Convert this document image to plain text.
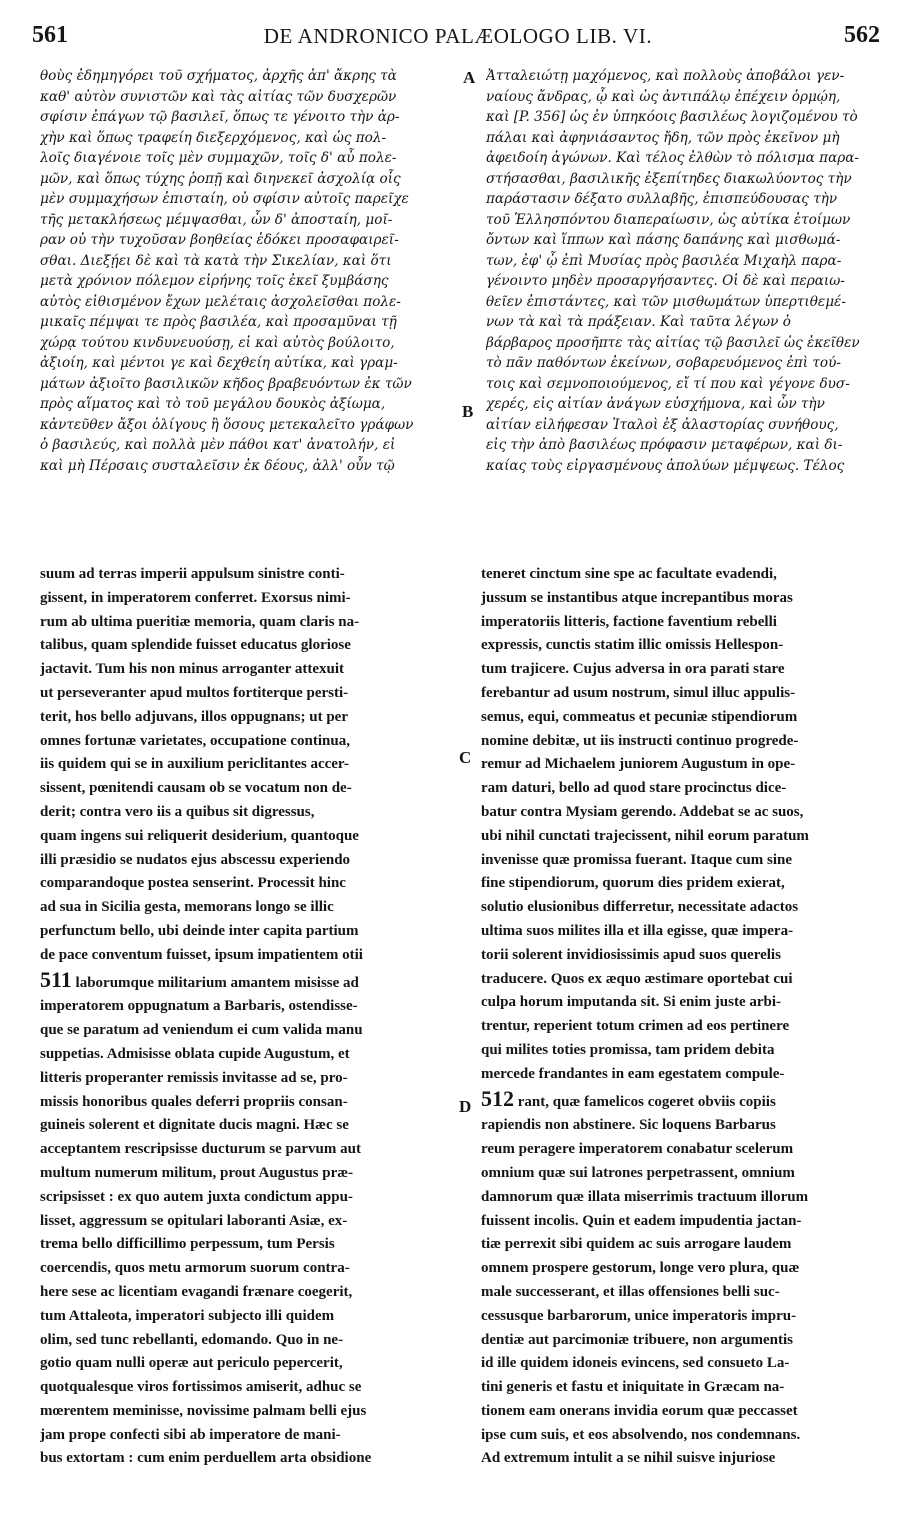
561	DE ANDRONICO PALÆOLOGO LIB. VI.	562
θοὺς ἐδημηγόρει τοῦ σχήματος, ἀρχῆς ἀπ' ἄκρης τὰ
καθ' αὐτὸν συνιστῶν καὶ τὰς αἰτίας τῶν δυσχερῶν
σφίσιν ἐπάγων τῷ βασιλεῖ, ὅπως τε γένοιτο τὴν ἀρ-
χὴν καὶ ὅπως τραφείη διεξερχόμενος, καὶ ὡς πολ-
λοῖς διαγένοιε τοῖς μὲν συμμαχῶν, τοῖς δ' αὖ πολε-
μῶν, καὶ ὅπως τύχης ῥοπῇ καὶ διηνεκεῖ ἀσχολίᾳ οἷς
μὲν συμμαχήσων ἐπισταίη, οὐ σφίσιν αὐτοῖς παρεῖχε
τῆς μετακλήσεως μέμψασθαι, ὧν δ' ἀποσταίη, μοῖ-
ραν οὐ τὴν τυχοῦσαν βοηθείας ἐδόκει προσαφαιρεῖ-
σθαι. Διεξῄει δὲ καὶ τὰ κατὰ τὴν Σικελίαν, καὶ ὅτι
μετὰ χρόνιον πόλεμον εἰρήνης τοῖς ἐκεῖ ξυμβάσης
αὐτὸς εἰθισμένον ἔχων μελέταις ἀσχολεῖσθαι πολε-
μικαῖς πέμψαι τε πρὸς βασιλέα, καὶ προσαμῦναι τῇ
χώρᾳ τούτου κινδυνευούσῃ, εἰ καὶ αὐτὸς βούλοιτο,
ἀξιοίη, καὶ μέντοι γε καὶ δεχθείη αὐτίκα, καὶ γραμ-
μάτων ἀξιοῖτο βασιλικῶν κῆδος βραβευόντων ἐκ τῶν
πρὸς αἵματος καὶ τὸ τοῦ μεγάλου δουκὸς ἀξίωμα,
κἀντεῦθεν ἄξοι ὀλίγους ἢ ὅσους μετεκαλεῖτο γράφων
ὁ βασιλεύς, καὶ πολλὰ μὲν πάθοι κατ' ἀνατολήν, εἰ
καὶ μὴ Πέρσαις συσταλεῖσιν ἐκ δέους, ἀλλ' οὖν τῷ
Ἀτταλειώτῃ μαχόμενος, καὶ πολλοὺς ἀποβάλοι γεν-
ναίους ἄνδρας, ᾧ καὶ ὡς ἀντιπάλῳ ἐπέχειν ὁρμῴη,
καὶ [P. 356] ὡς ἐν ὑπηκόοις βασιλέως λογιζομένου τὸ
πάλαι καὶ ἀφηνιάσαντος ἤδη, τῶν πρὸς ἐκεῖνον μὴ
ἀφειδοίη ἀγώνων. Καὶ τέλος ἐλθὼν τὸ πόλισμα παρα-
στήσασθαι, βασιλικῆς ἐξεπίτηδες διακωλύοντος τὴν
παράστασιν δέξατο συλλαβῆς, ἐπισπεύδουσας τὴν
τοῦ Ἑλλησπόντου διαπεραίωσιν, ὡς αὐτίκα ἑτοίμων
ὄντων καὶ ἵππων καὶ πάσης δαπάνης καὶ μισθωμά-
των, ἐφ' ᾧ ἐπὶ Μυσίας πρὸς βασιλέα Μιχαὴλ παρα-
γένοιντο μηδὲν προσαργήσαντες. Οἱ δὲ καὶ περαιω-
θεῖεν ἐπιστάντες, καὶ τῶν μισθωμάτων ὑπερτιθεμέ-
νων τὰ καὶ τὰ πράξειαν. Καὶ ταῦτα λέγων ὁ
βάρβαρος προσῆπτε τὰς αἰτίας τῷ βασιλεῖ ὡς ἐκεῖθεν
τὸ πᾶν παθόντων ἐκείνων, σοβαρευόμενος ἐπὶ τού-
τοις καὶ σεμνοποιούμενος, εἴ τί που καὶ γέγονε δυσ-
χερές, εἰς αἰτίαν ἀνάγων εὐσχήμονα, καὶ ὧν τὴν
αἰτίαν εἰλήφεσαν Ἰταλοὶ ἐξ ἀλαστορίας συνήθους,
εἰς τὴν ἀπὸ βασιλέως πρόφασιν μεταφέρων, καὶ δι-
καίας τοὺς εἰργασμένους ἀπολύων μέμψεως. Τέλος
suum ad terras imperii appulsum sinistre conti-
gissent, in imperatorem conferret. Exorsus nimi-
rum ab ultima pueritiæ memoria, quam claris na-
talibus, quam splendide fuisset educatus gloriose
jactavit. Tum his non minus arroganter attexuit
ut perseveranter apud multos fortiterque persti-
terit, hos bello adjuvans, illos oppugnans; ut per
omnes fortunæ varietates, occupatione continua,
iis quidem qui se in auxilium periclitantes accer-
sissent, pœnitendi causam ob se vocatum non de-
derit; contra vero iis a quibus sit digressus,
quam ingens sui reliquerit desiderium, quantoque
illi præsidio se nudatos ejus abscessu experiendo
comparandoque postea senserint. Processit hinc
ad sua in Sicilia gesta, memorans longo se illic
perfunctum bello, ubi deinde inter capita partium
de pace conventum fuisset, ipsum impatientem otii
511 laborumque militarium amantem misisse ad
imperatorem oppugnatum a Barbaris, ostendisse-
que se paratum ad veniendum ei cum valida manu
suppetias. Admisisse oblata cupide Augustum, et
litteris properanter remissis invitasse ad se, pro-
missis honoribus quales deferri propriis consan-
guineis solerent et dignitate ducis magni. Hæc se
acceptantem rescripsisse ducturum se parvum aut
multum numerum militum, prout Augustus præ-
scripsisset : ex quo autem juxta condictum appu-
lisset, aggressum se opitulari laboranti Asiæ, ex-
trema bello difficillimo perpessum, tum Persis
coercendis, quos metu armorum suorum contra-
here sese ac licentiam evagandi frænare coegerit,
tum Attaleota, imperatori subjecto illi quidem
olim, sed tunc rebellanti, edomando. Quo in ne-
gotio quam nulli operæ aut periculo pepercerit,
quotqualesque viros fortissimos amiserit, adhuc se
mœrentem meminisse, novissime palmam belli ejus
jam prope confecti sibi ab imperatore de mani-
bus extortam : cum enim perduellem arta obsidione
teneret cinctum sine spe ac facultate evadendi,
jussum se instantibus atque increpantibus moras
imperatoriis litteris, factione faventium rebelli
expressis, cunctis statim illic omissis Hellespon-
tum trajicere. Cujus adversa in ora parati stare
ferebantur ad usum nostrum, simul illuc appulis-
semus, equi, commeatus et pecuniæ stipendiorum
nomine debitæ, ut iis instructi continuo progrede-
remur ad Michaelem juniorem Augustum in ope-
ram daturi, bello ad quod stare procinctus dice-
batur contra Mysiam gerendo. Addebat se ac suos,
ubi nihil cunctati trajecissent, nihil eorum paratum
invenisse quæ promissa fuerant. Itaque cum sine
fine stipendiorum, quorum dies pridem exierat,
solutio elusionibus differretur, necessitate adactos
ultima suos milites illa et illa egisse, quæ impera-
torii solerent invidiosissimis apud suos querelis
traducere. Quos ex æquo æstimare oportebat cui
culpa horum imputanda sit. Si enim juste arbi-
trentur, reperient totum crimen ad eos pertinere
qui milites toties promissa, tam pridem debita
mercede frandantes in eam egestatem compule-
512 rant, quæ famelicos cogeret obviis copiis
rapiendis non abstinere. Sic loquens Barbarus
reum peragere imperatorem conabatur scelerum
omnium quæ sui latrones perpetrassent, omnium
damnorum quæ illata miserrimis tractuum illorum
fuissent incolis. Quin et eadem impudentia jactan-
tiæ perrexit sibi quidem ac suis arrogare laudem
omnem prospere gestorum, longe vero plura, quæ
male successerant, et illas offensiones belli suc-
cessusque barbarorum, unice imperatoris impru-
dentiæ aut parcimoniæ tribuere, non argumentis
id ille quidem idoneis evincens, sed consueto La-
tini generis et fastu et iniquitate in Græcam na-
tionem eam onerans invidia eorum quæ peccasset
ipse cum suis, et eos absolvendo, nos condemnans.
Ad extremum intulit a se nihil suisve injuriose
A
B
C
D
